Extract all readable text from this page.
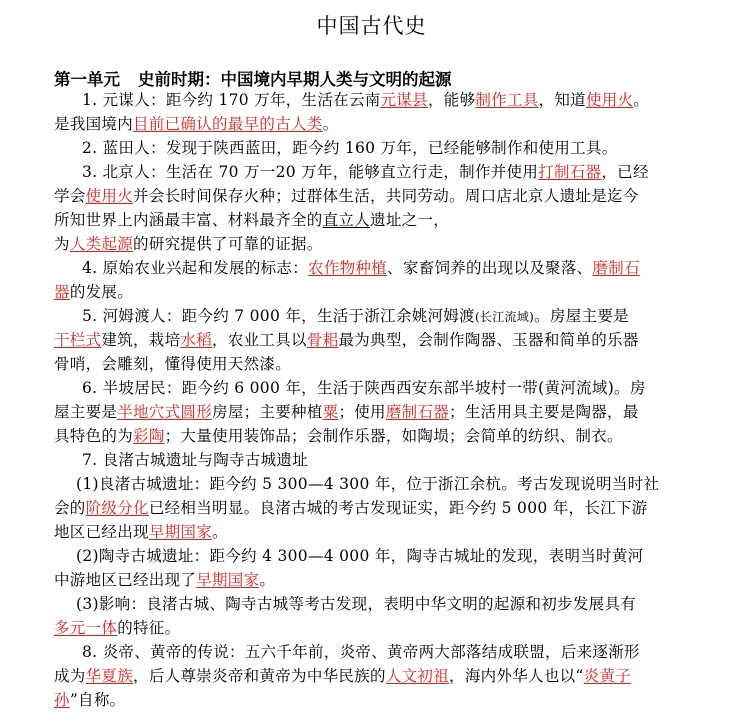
中国古代史
第一单元 史前时期：中国境内早期人类与文明的起源
1. 元谋人：距今约 170 万年，生活在云南元谋县，能够制作工具，知道使用火。
是我国境内目前已确认的最早的古人类。
2. 蓝田人：发现于陕西蓝田，距今约 160 万年，已经能够制作和使用工具。
3. 北京人：生活在 70 万一20 万年，能够直立行走，制作并使用打制石器，已经
学会使用火并会长时间保存火种；过群体生活，共同劳动。周口店北京人遗址是迄今
所知世界上内涵最丰富、材料最齐全的直立人遗址之一，
为人类起源的研究提供了可靠的证据。
4. 原始农业兴起和发展的标志：农作物种植、家畜饲养的出现以及聚落、磨制石
器的发展。
5. 河姆渡人：距今约 7 000 年，生活于浙江余姚河姆渡(长江流域)。房屋主要是
干栏式建筑，栽培水稻，农业工具以骨耜最为典型，会制作陶器、玉器和简单的乐器
骨哨，会雕刻，懂得使用天然漆。
6. 半坡居民：距今约 6 000 年，生活于陕西西安东部半坡村一带(黄河流域)。房
屋主要是半地穴式圆形房屋；主要种植粟；使用磨制石器；生活用具主要是陶器，最
具特色的为彩陶；大量使用装饰品；会制作乐器，如陶埙；会简单的纺织、制衣。
7. 良渚古城遗址与陶寺古城遗址
(1)良渚古城遗址：距今约 5 300—4 300 年，位于浙江余杭。考古发现说明当时社
会的阶级分化已经相当明显。良渚古城的考古发现证实，距今约 5 000 年，长江下游
地区已经出现早期国家。
(2)陶寺古城遗址：距今约 4 300—4 000 年，陶寺古城址的发现，表明当时黄河
中游地区已经出现了早期国家。
(3)影响：良渚古城、陶寺古城等考古发现，表明中华文明的起源和初步发展具有
多元一体的特征。
8. 炎帝、黄帝的传说：五六千年前，炎帝、黄帝两大部落结成联盟，后来逐渐形
成为华夏族，后人尊崇炎帝和黄帝为中华民族的人文初祖，海内外华人也以“炎黄子
孙”自称。
